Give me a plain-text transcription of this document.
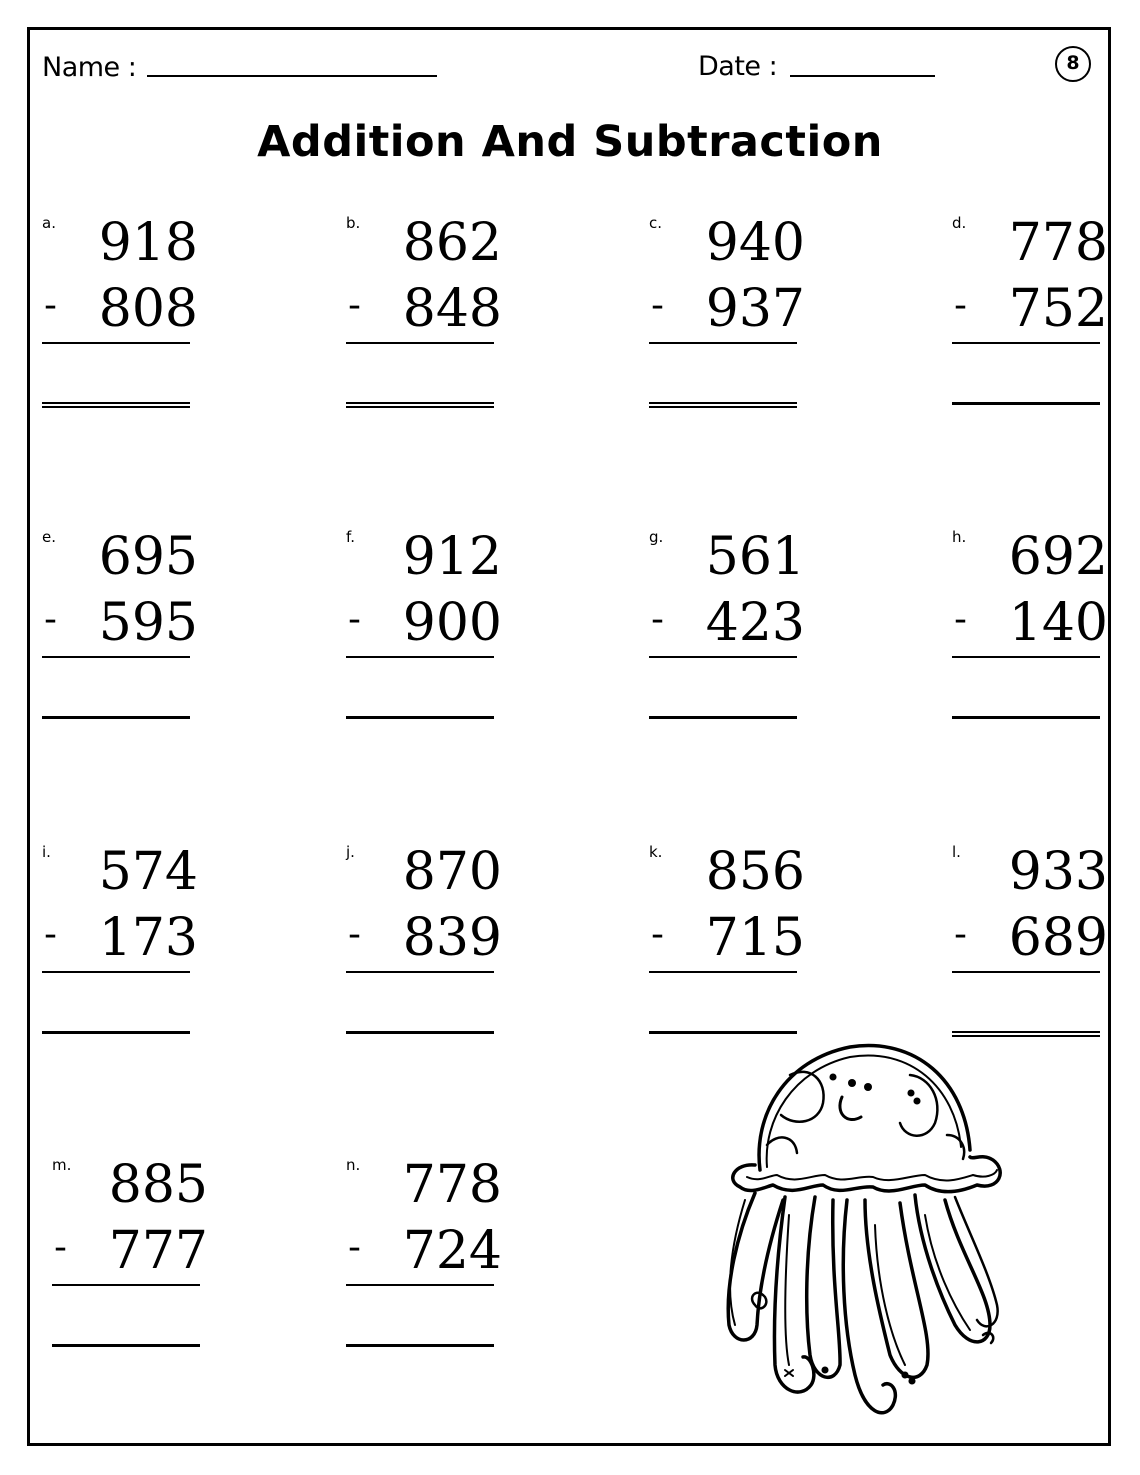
Name :	Date :	8
Addition And Subtraction
a. 918
- 808
b. 862
- 848
c. 940
- 937
d. 778
- 752
e. 695
- 595
f. 912
- 900
g. 561
- 423
h. 692
- 140
i. 574
- 173
j. 870
- 839
k. 856
- 715
l. 933
- 689
m. 885
- 777
n. 778
- 724
